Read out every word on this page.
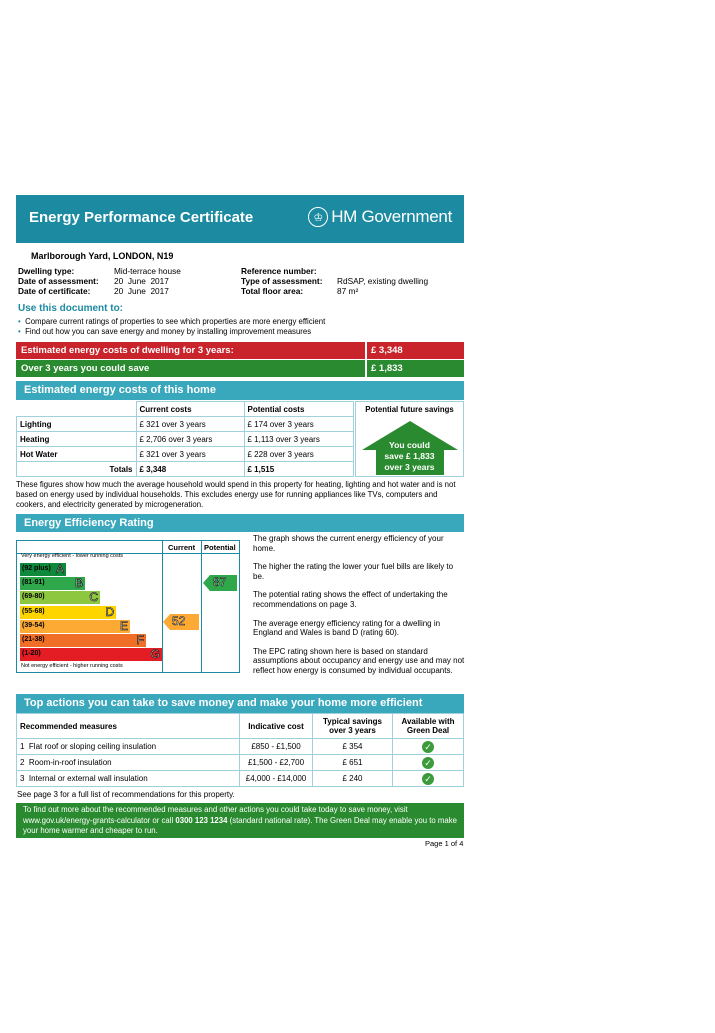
Energy Performance Certificate	♔ HM Government
Marlborough Yard, LONDON, N19
Dwelling type:	Mid-terrace house
Date of assessment:	20  June  2017
Date of certificate:	20  June  2017
Reference number:
Type of assessment:	RdSAP, existing dwelling
Total floor area:	87 m²
Use this document to:
• Compare current ratings of properties to see which properties are more energy efficient
• Find out how you can save energy and money by installing improvement measures
Estimated energy costs of dwelling for 3 years:	£ 3,348
Over 3 years you could save	£ 1,833
Estimated energy costs of this home
	Current costs	Potential costs
Lighting	£ 321 over 3 years	£ 174 over 3 years
Heating	£ 2,706 over 3 years	£ 1,113 over 3 years
Hot Water	£ 321 over 3 years	£ 228 over 3 years
Totals	£ 3,348	£ 1,515
Potential future savings
You could
save £ 1,833
over 3 years
These figures show how much the average household would spend in this property for heating, lighting and hot water and is not based on energy used by individual households. This excludes energy use for running appliances like TVs, computers and cookers, and electricity generated by microgeneration.
Energy Efficiency Rating
Current Potential
Very energy efficient - lower running costs
Not energy efficient - higher running costs
(92 plus) A
(81-91)	B
(69-80)	C
(55-68)	D
(39-54)	E
(21-38)	F
(1-20)	G
52
87
The graph shows the current energy efficiency of your home.
The higher the rating the lower your fuel bills are likely to be.
The potential rating shows the effect of undertaking the recommendations on page 3.
The average energy efficiency rating for a dwelling in England and Wales is band D (rating 60).
The EPC rating shown here is based on standard assumptions about occupancy and energy use and may not reflect how energy is consumed by individual occupants.
Top actions you can take to save money and make your home more efficient
Recommended measures	Indicative cost	Typical savings over 3 years	Available with Green Deal
1 Flat roof or sloping ceiling insulation	£850 - £1,500	£ 354	✓
2 Room-in-roof insulation	£1,500 - £2,700	£ 651	✓
3 Internal or external wall insulation	£4,000 - £14,000	£ 240	✓
See page 3 for a full list of recommendations for this property.
To find out more about the recommended measures and other actions you could take today to save money, visit www.gov.uk/energy-grants-calculator or call 0300 123 1234 (standard national rate). The Green Deal may enable you to make your home warmer and cheaper to run.
Page 1 of 4
